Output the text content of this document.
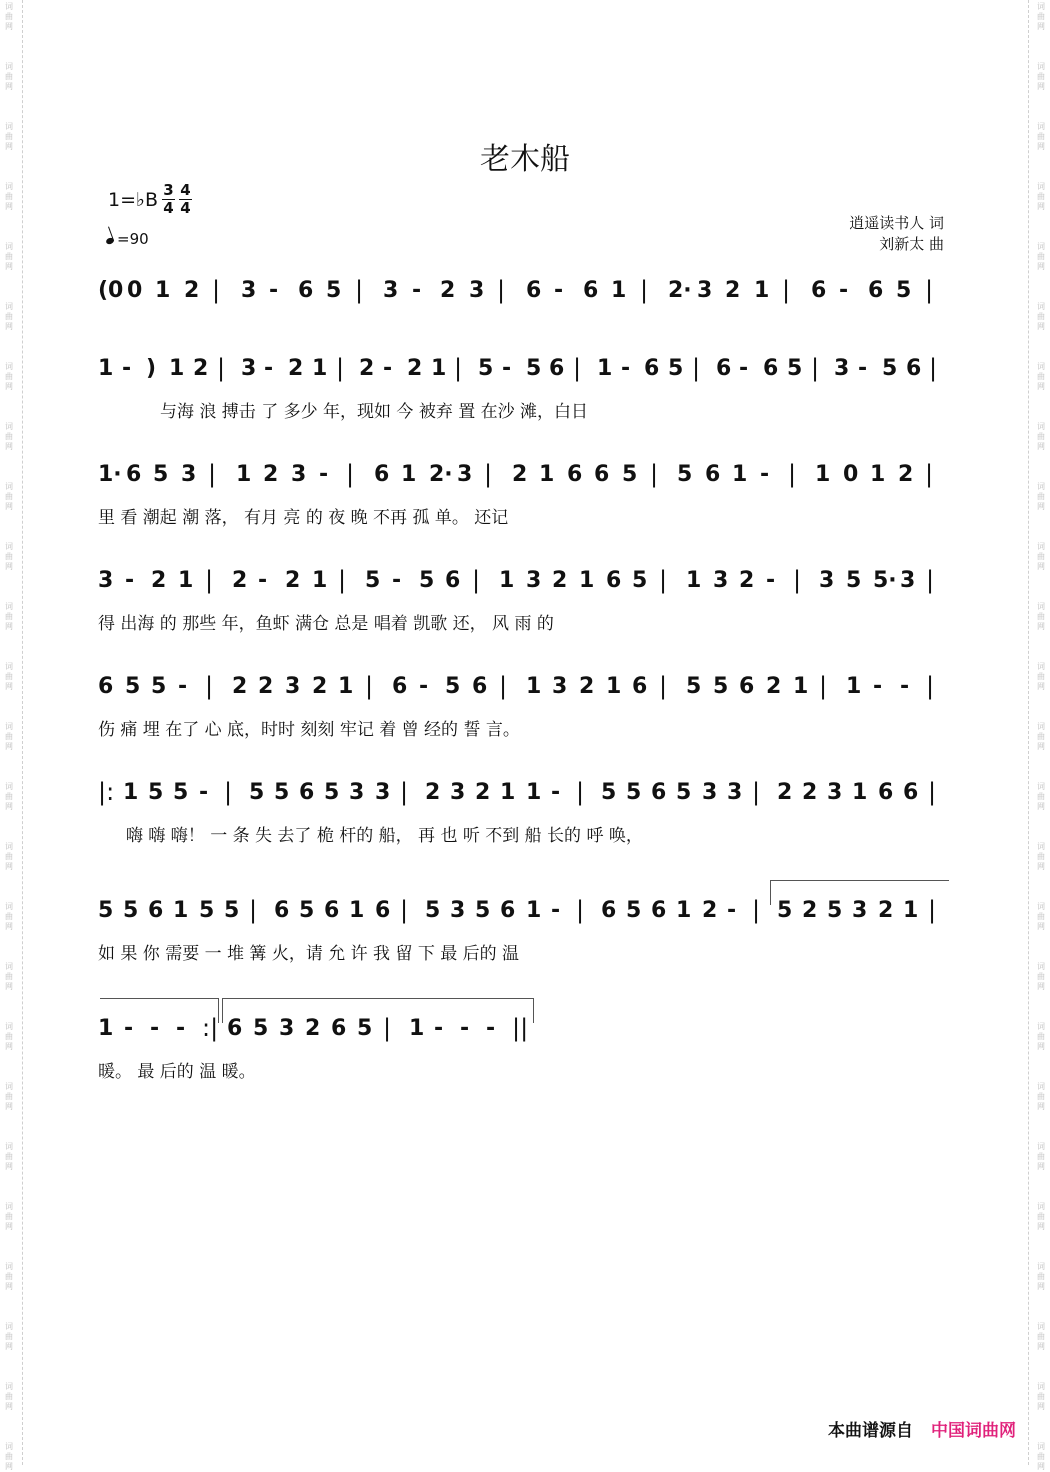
词
曲
网
词
曲
网
词
曲
网
词
曲
网
词
曲
网
词
曲
网
词
曲
网
词
曲
网
词
曲
网
词
曲
网
词
曲
网
词
曲
网
词
曲
网
词
曲
网
词
曲
网
词
曲
网
词
曲
网
词
曲
网
词
曲
网
词
曲
网
词
曲
网
词
曲
网
词
曲
网
词
曲
网
词
曲
网
词
曲
网
词
曲
网
词
曲
网
词
曲
网
词
曲
网
词
曲
网
词
曲
网
词
曲
网
词
曲
网
词
曲
网
词
曲
网
词
曲
网
词
曲
网
词
曲
网
词
曲
网
词
曲
网
词
曲
网
词
曲
网
词
曲
网
词
曲
网
词
曲
网
词
曲
网
词
曲
网
词
曲
网
词
曲
网
老木船
1=♭B $\frac{3}{4} \frac{4}{4}$
=90
逍遥读书人 词
刘新太 曲
(0 0 1 2 | 3 - 6 5 | 3 - 2 3 | 6 - 6 1 | 2· 3 2 1 | 6 - 6 5 |
1 - ) 1 2 | 3 - 2 1 | 2 - 2 1 | 5 - 5 6 | 1 - 6 5 | 6 - 6 5 | 3 - 5 6 |
1· 6 5 3 | 1 2 3 - | 6 1 2· 3 | 2 1 6 6 5 | 5 6 1 - | 1 0 1 2 |
3 - 2 1 | 2 - 2 1 | 5 - 5 6 | 1 3 2 1 6 5 | 1 3 2 - | 3 5 5· 3 |
6 5 5 - | 2 2 3 2 1 | 6 - 5 6 | 1 3 2 1 6 | 5 5 6 2 1 | 1 - - |
|: 1 5 5 - | 5 5 6 5 3 3 | 2 3 2 1 1 - | 5 5 6 5 3 3 | 2 2 3 1 6 6 |
5 5 6 1 5 5 | 6 5 6 1 6 | 5 3 5 6 1 - | 6 5 6 1 2 - | 5 2 5 3 2 1 |
1 - - - :| 6 5 3 2 6 5 | 1 - - - ||
与海 浪 搏击 了 多少 年，现如 今 被弃 置 在沙 滩，白日
里 看 潮起 潮 落， 有月 亮 的 夜 晚 不再 孤 单。 还记
得 出海 的 那些 年，鱼虾 满仓 总是 唱着 凯歌 还， 风 雨 的
伤 痛 埋 在了 心 底，时时 刻刻 牢记 着 曾 经的 誓 言。
嗨 嗨 嗨！ 一 条 失 去了 桅 杆的 船， 再 也 听 不到 船 长的 呼 唤，
如 果 你 需要 一 堆 篝 火，请 允 许 我 留 下 最 后的 温
暖。 最 后的 温 暖。
本曲谱源自 中国词曲网
